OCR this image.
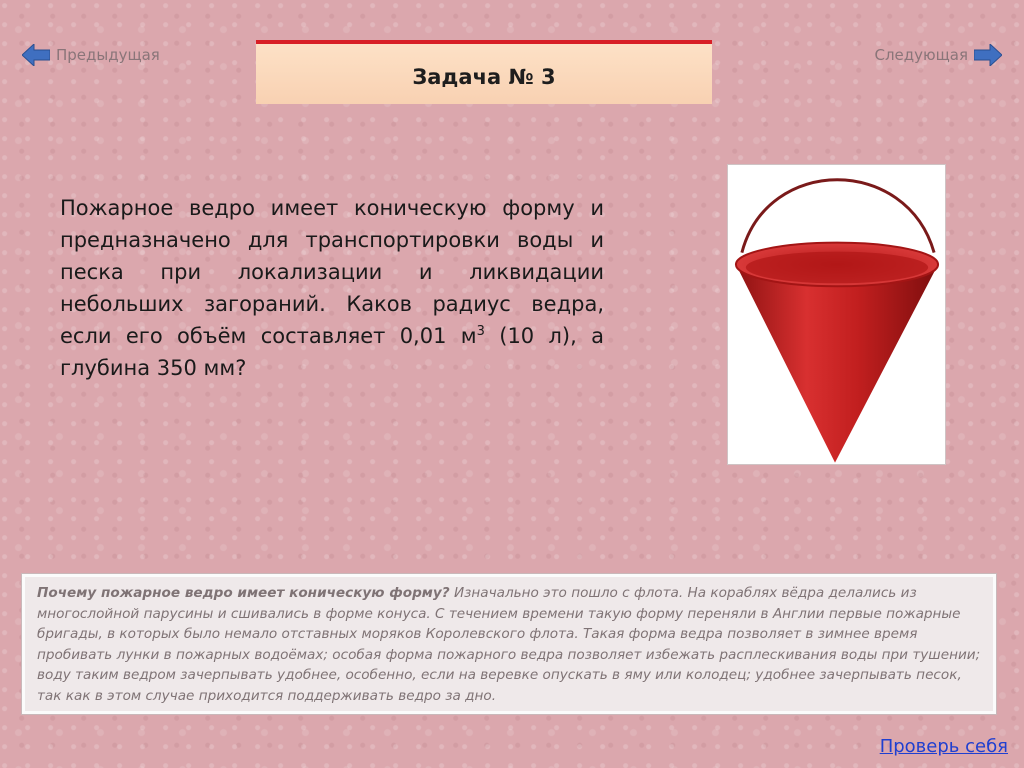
Предыдущая	Следующая
Задача № 3
Пожарное ведро имеет коническую форму и предназначено для транспортировки воды и песка при локализации и ликвидации небольших загораний. Каков радиус ведра, если его объём составляет 0,01 $м^3$ (10 л), а глубина 350 мм?
Почему пожарное ведро имеет коническую форму? Изначально это пошло с флота. На кораблях вёдра делались из многослойной парусины и сшивались в форме конуса. С течением времени такую форму переняли в Англии первые пожарные бригады, в которых было немало отставных моряков Королевского флота. Такая форма ведра позволяет в зимнее время пробивать лунки в пожарных водоёмах; особая форма пожарного ведра позволяет избежать расплескивания воды при тушении; воду таким ведром зачерпывать удобнее, особенно, если на веревке опускать в яму или колодец; удобнее зачерпывать песок, так как в этом случае приходится поддерживать ведро за дно.
Проверь себя
